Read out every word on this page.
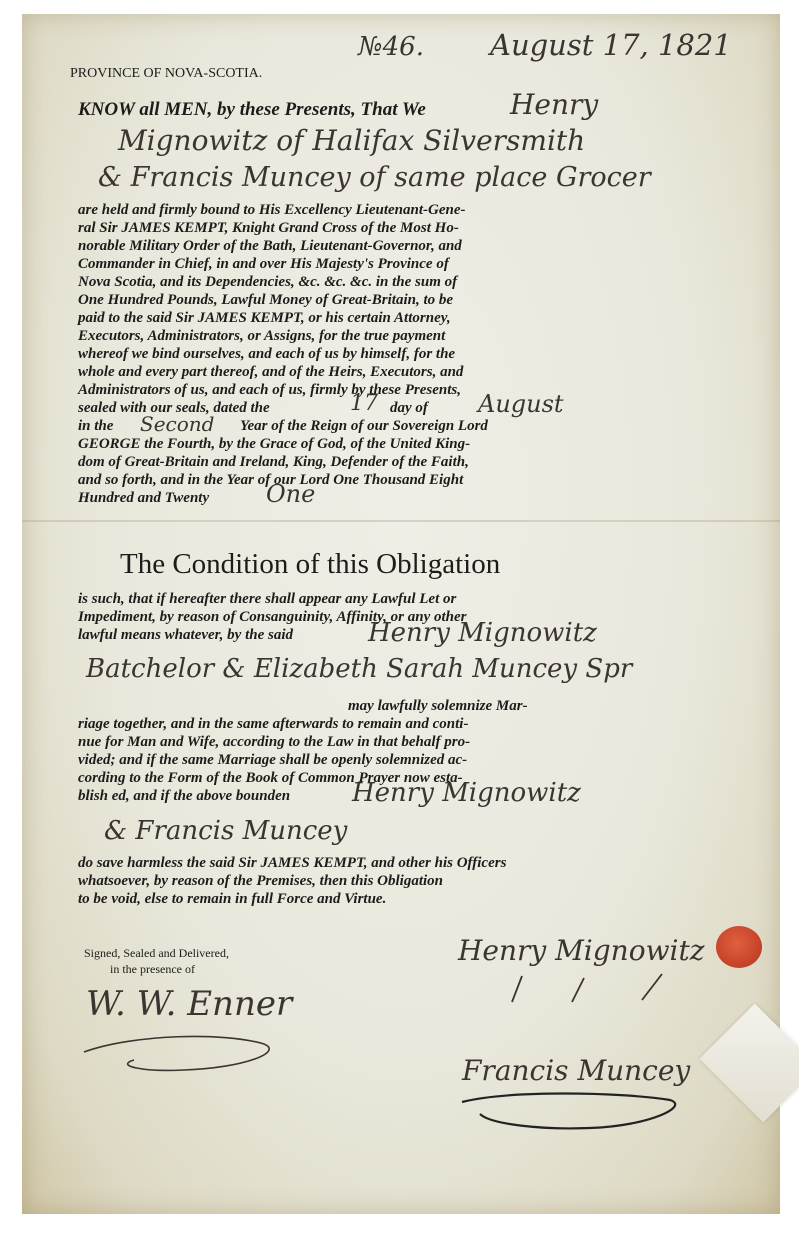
№46. August 17, 1821
PROVINCE OF NOVA-SCOTIA.
KNOW all MEN, by these Presents, That We	Henry
Mignowitz of Halifax Silversmith
& Francis Muncey of same place Grocer
are held and firmly bound to His Excellency Lieutenant-Gene-
ral Sir JAMES KEMPT, Knight Grand Cross of the Most Ho-
norable Military Order of the Bath, Lieutenant-Governor, and
Commander in Chief, in and over His Majesty's Province of
Nova Scotia, and its Dependencies, &c. &c. &c. in the sum of
One Hundred Pounds, Lawful Money of Great-Britain, to be
paid to the said Sir JAMES KEMPT, or his certain Attorney,
Executors, Administrators, or Assigns, for the true payment
whereof we bind ourselves, and each of us by himself, for the
whole and every part thereof, and of the Heirs, Executors, and
Administrators of us, and each of us, firmly by these Presents,
sealed with our seals, dated the	17 day of August
in the Second Year of the Reign of our Sovereign Lord
GEORGE the Fourth, by the Grace of God, of the United King-
dom of Great-Britain and Ireland, King, Defender of the Faith,
and so forth, and in the Year of our Lord One Thousand Eight
Hundred and Twenty One
The Condition of this Obligation
is such, that if hereafter there shall appear any Lawful Let or
Impediment, by reason of Consanguinity, Affinity, or any other
lawful means whatever, by the said	Henry Mignowitz
Batchelor & Elizabeth Sarah Muncey Spr
may lawfully solemnize Mar-
riage together, and in the same afterwards to remain and conti-
nue for Man and Wife, according to the Law in that behalf pro-
vided; and if the same Marriage shall be openly solemnized ac-
cording to the Form of the Book of Common Prayer now esta-
blish ed, and if the above bounden Henry Mignowitz
& Francis Muncey
do save harmless the said Sir JAMES KEMPT, and other his Officers
whatsoever, by reason of the Premises, then this Obligation
to be void, else to remain in full Force and Virtue.
Signed, Sealed and Delivered,
in the presence of
W. W. Enner
Henry Mignowitz
Francis Muncey
